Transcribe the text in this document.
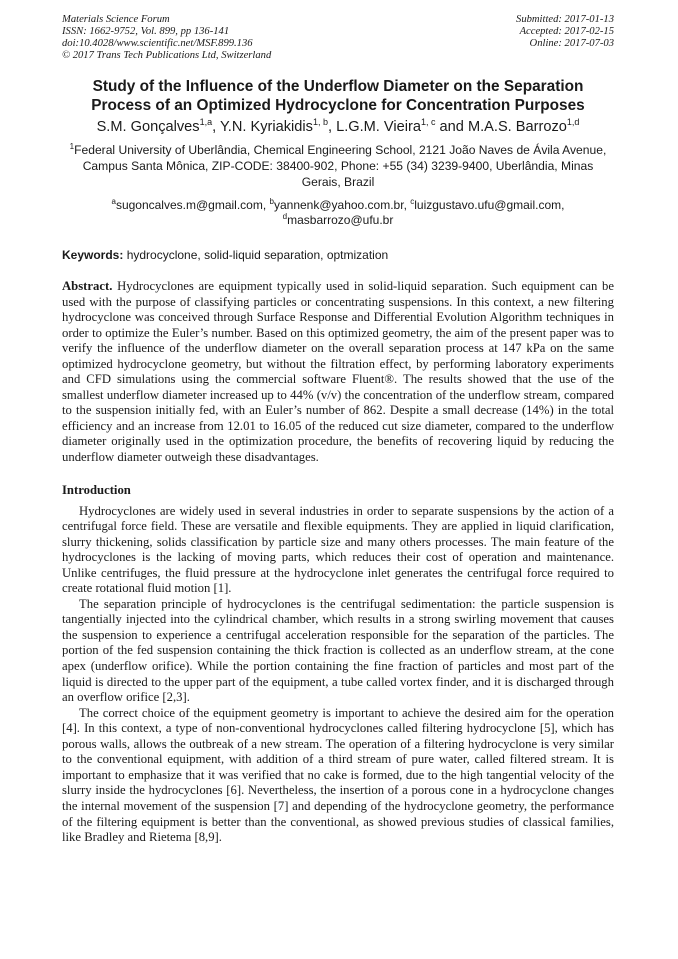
Materials Science Forum
ISSN: 1662-9752, Vol. 899, pp 136-141
doi:10.4028/www.scientific.net/MSF.899.136
© 2017 Trans Tech Publications Ltd, Switzerland
Submitted: 2017-01-13
Accepted: 2017-02-15
Online: 2017-07-03
Study of the Influence of the Underflow Diameter on the Separation Process of an Optimized Hydrocyclone for Concentration Purposes
S.M. Gonçalves$^{1,a}$, Y.N. Kyriakidis$^{1, b}$, L.G.M. Vieira$^{1, c}$ and M.A.S. Barrozo$^{1,d}$
$^1$Federal University of Uberlândia, Chemical Engineering School, 2121 João Naves de Ávila Avenue, Campus Santa Mônica, ZIP-CODE: 38400-902, Phone: +55 (34) 3239-9400, Uberlândia, Minas Gerais, Brazil
$^a$sugoncalves.m@gmail.com, $^b$yannenk@yahoo.com.br, $^c$luizgustavo.ufu@gmail.com,
$^d$masbarrozo@ufu.br
Keywords: hydrocyclone, solid-liquid separation, optmization
Abstract. Hydrocyclones are equipment typically used in solid-liquid separation. Such equipment can be used with the purpose of classifying particles or concentrating suspensions. In this context, a new filtering hydrocyclone was conceived through Surface Response and Differential Evolution Algorithm techniques in order to optimize the Euler’s number. Based on this optimized geometry, the aim of the present paper was to verify the influence of the underflow diameter on the overall separation process at 147 kPa on the same optimized hydrocyclone geometry, but without the filtration effect, by performing laboratory experiments and CFD simulations using the commercial software Fluent®. The results showed that the use of the smallest underflow diameter increased up to 44% (v/v) the concentration of the underflow stream, compared to the suspension initially fed, with an Euler’s number of 862. Despite a small decrease (14%) in the total efficiency and an increase from 12.01 to 16.05 of the reduced cut size diameter, compared to the underflow diameter originally used in the optimization procedure, the benefits of recovering liquid by reducing the underflow diameter outweigh these disadvantages.
Introduction

Hydrocyclones are widely used in several industries in order to separate suspensions by the action of a centrifugal force field. These are versatile and flexible equipments. They are applied in liquid clarification, slurry thickening, solids classification by particle size and many others processes. The main feature of the hydrocyclones is the lacking of moving parts, which reduces their cost of operation and maintenance. Unlike centrifuges, the fluid pressure at the hydrocyclone inlet generates the centrifugal force required to create rotational fluid motion [1].

The separation principle of hydrocyclones is the centrifugal sedimentation: the particle suspension is tangentially injected into the cylindrical chamber, which results in a strong swirling movement that causes the suspension to experience a centrifugal acceleration responsible for the separation of the particles. The portion of the fed suspension containing the thick fraction is collected as an underflow stream, at the cone apex (underflow orifice). While the portion containing the fine fraction of particles and most part of the liquid is directed to the upper part of the equipment, a tube called vortex finder, and it is discharged through an overflow orifice [2,3].

The correct choice of the equipment geometry is important to achieve the desired aim for the operation [4]. In this context, a type of non-conventional hydrocyclones called filtering hydrocyclone [5], which has porous walls, allows the outbreak of a new stream. The operation of a filtering hydrocyclone is very similar to the conventional equipment, with addition of a third stream of pure water, called filtered stream. It is important to emphasize that it was verified that no cake is formed, due to the high tangential velocity of the slurry inside the hydrocyclones [6]. Nevertheless, the insertion of a porous cone in a hydrocyclone changes the internal movement of the suspension [7] and depending of the hydrocyclone geometry, the performance of the filtering equipment is better than the conventional, as showed previous studies of classical families, like Bradley and Rietema [8,9].
